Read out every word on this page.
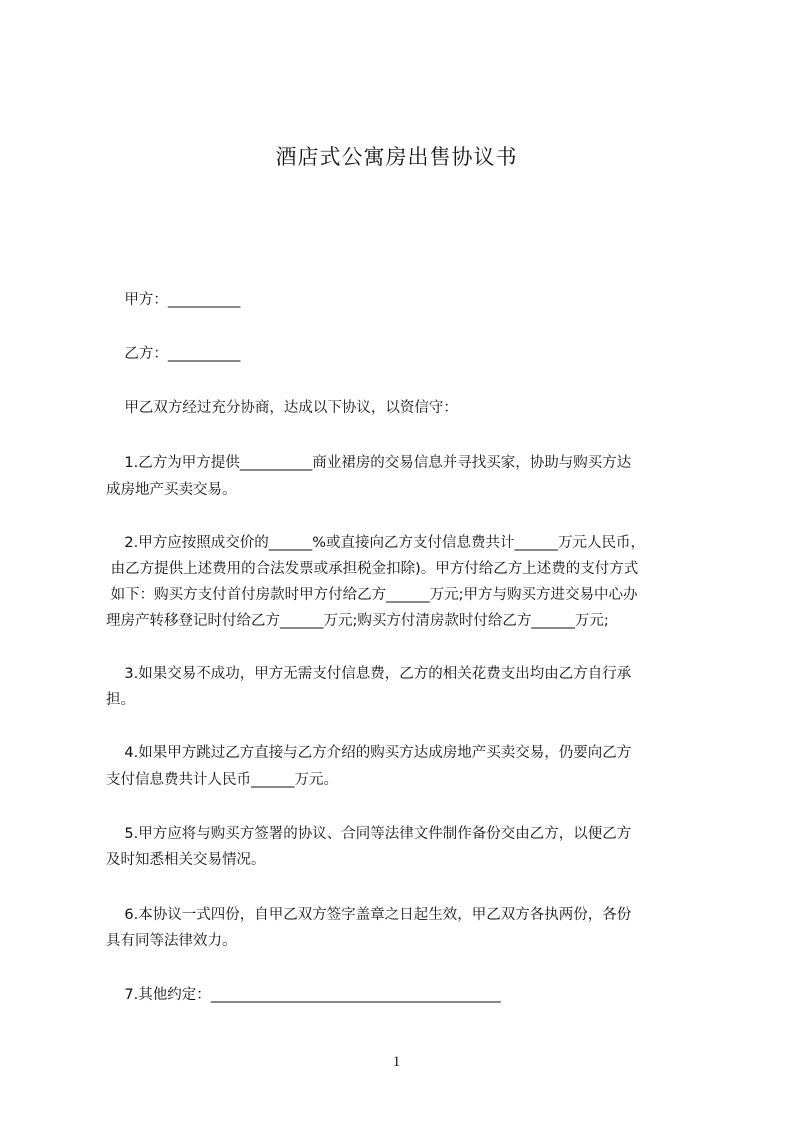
酒店式公寓房出售协议书
甲方：__________
乙方：__________
甲乙双方经过充分协商，达成以下协议，以资信守：
1.乙方为甲方提供__________商业裙房的交易信息并寻找买家，协助与购买方达
成房地产买卖交易。
2.甲方应按照成交价的______%或直接向乙方支付信息费共计______万元人民币，
由乙方提供上述费用的合法发票或承担税金扣除)。甲方付给乙方上述费的支付方式
如下：购买方支付首付房款时甲方付给乙方______万元;甲方与购买方进交易中心办
理房产转移登记时付给乙方______万元;购买方付清房款时付给乙方______万元;
3.如果交易不成功，甲方无需支付信息费，乙方的相关花费支出均由乙方自行承
担。
4.如果甲方跳过乙方直接与乙方介绍的购买方达成房地产买卖交易，仍要向乙方
支付信息费共计人民币______万元。
5.甲方应将与购买方签署的协议、合同等法律文件制作备份交由乙方，以便乙方
及时知悉相关交易情况。
6.本协议一式四份，自甲乙双方签字盖章之日起生效，甲乙双方各执两份，各份
具有同等法律效力。
7.其他约定：________________________________________
1
